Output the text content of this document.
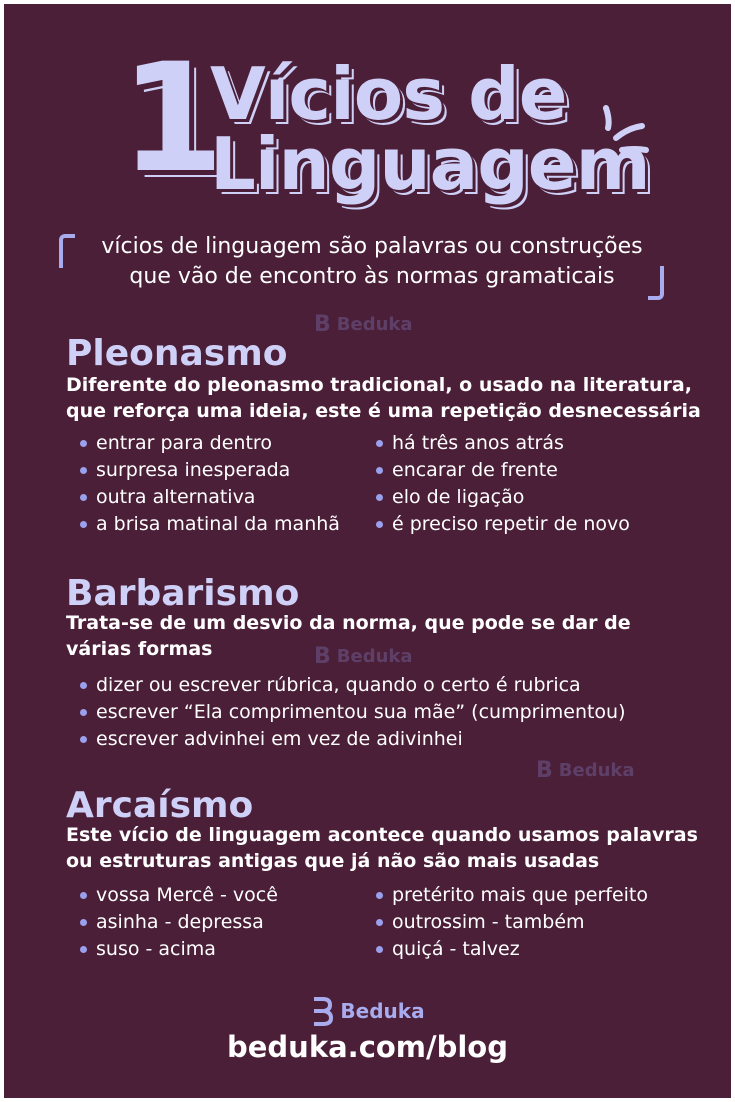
1
Vícios de
Linguagem
vícios de linguagem são palavras ou construções
que vão de encontro às normas gramaticais
B Beduka
B Beduka
B Beduka
Pleonasmo
Diferente do pleonasmo tradicional, o usado na literatura,
que reforça uma ideia, este é uma repetição desnecessária
entrar para dentro
surpresa inesperada
outra alternativa
a brisa matinal da manhã
há três anos atrás
encarar de frente
elo de ligação
é preciso repetir de novo
Barbarismo
Trata-se de um desvio da norma, que pode se dar de
várias formas
dizer ou escrever rúbrica, quando o certo é rubrica
escrever “Ela comprimentou sua mãe” (cumprimentou)
escrever advinhei em vez de adivinhei
Arcaísmo
Este vício de linguagem acontece quando usamos palavras
ou estruturas antigas que já não são mais usadas
vossa Mercê - você
asinha - depressa
suso - acima
pretérito mais que perfeito
outrossim - também
quiçá - talvez
Beduka
beduka.com/blog
